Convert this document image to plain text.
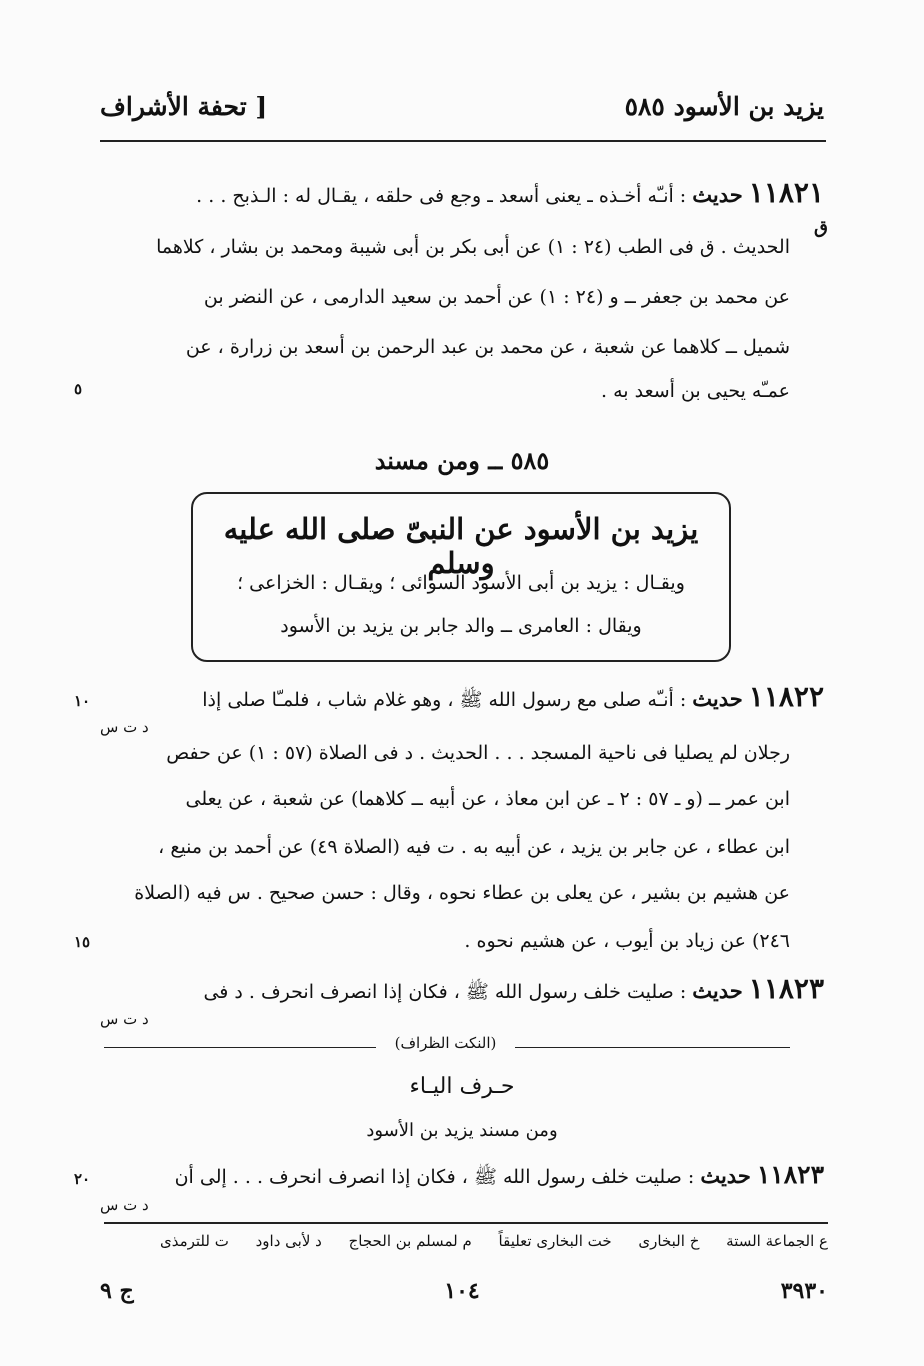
يزيد بن الأسود ٥٨٥
[ تحفة الأشراف
١١٨٢١ حديث : أنـّه أخـذه ـ يعنى أسعد ـ وجع فى حلقه ، يقـال له : الـذبح . . .
ق
الحديث . ق فى الطب (٢٤ : ١) عن أبى بكر بن أبى شيبة ومحمد بن بشار ، كلاهما
عن محمد بن جعفر ــ و (٢٤ : ١) عن أحمد بن سعيد الدارمى ، عن النضر بن
شميل ــ كلاهما عن شعبة ، عن محمد بن عبد الرحمن بن أسعد بن زرارة ، عن
عمـّه يحيى بن أسعد به .
٥
٥٨٥ ــ ومن مسند
يزيد بن الأسود عن النبىّ صلى الله عليه وسلم
ويقـال : يزيد بن أبى الأسود السوائى ؛ ويقـال : الخزاعى ؛
ويقال : العامرى ــ والد جابر بن يزيد بن الأسود
١١٨٢٢ حديث : أنـّه صلى مع رسول الله ﷺ ، وهو غلام شاب ، فلمـّا صلى إذا
١٠
د ت س
رجلان لم يصليا فى ناحية المسجد . . . الحديث . د فى الصلاة (٥٧ : ١) عن حفص
ابن عمر ــ (و ـ ٥٧ : ٢ ـ عن ابن معاذ ، عن أبيه ــ كلاهما) عن شعبة ، عن يعلى
ابن عطاء ، عن جابر بن يزيد ، عن أبيه به . ت فيه (الصلاة ٤٩) عن أحمد بن منيع ،
عن هشيم بن بشير ، عن يعلى بن عطاء نحوه ، وقال : حسن صحيح . س فيه (الصلاة
٢٤٦) عن زياد بن أيوب ، عن هشيم نحوه .
١٥
١١٨٢٣ حديث : صليت خلف رسول الله ﷺ ، فكان إذا انصرف انحرف . د فى
د ت س
(النكت الظراف)
حـرف اليـاء
ومن مسند يزيد بن الأسود
١١٨٢٣ حديث : صليت خلف رسول الله ﷺ ، فكان إذا انصرف انحرف . . . إلى أن
٢٠
د ت س
ع الجماعة الستة خ البخارى خت البخارى تعليقاً م لمسلم بن الحجاج د لأبى داود ت للترمذى
٣٩٣٠
١٠٤
ج ٩
